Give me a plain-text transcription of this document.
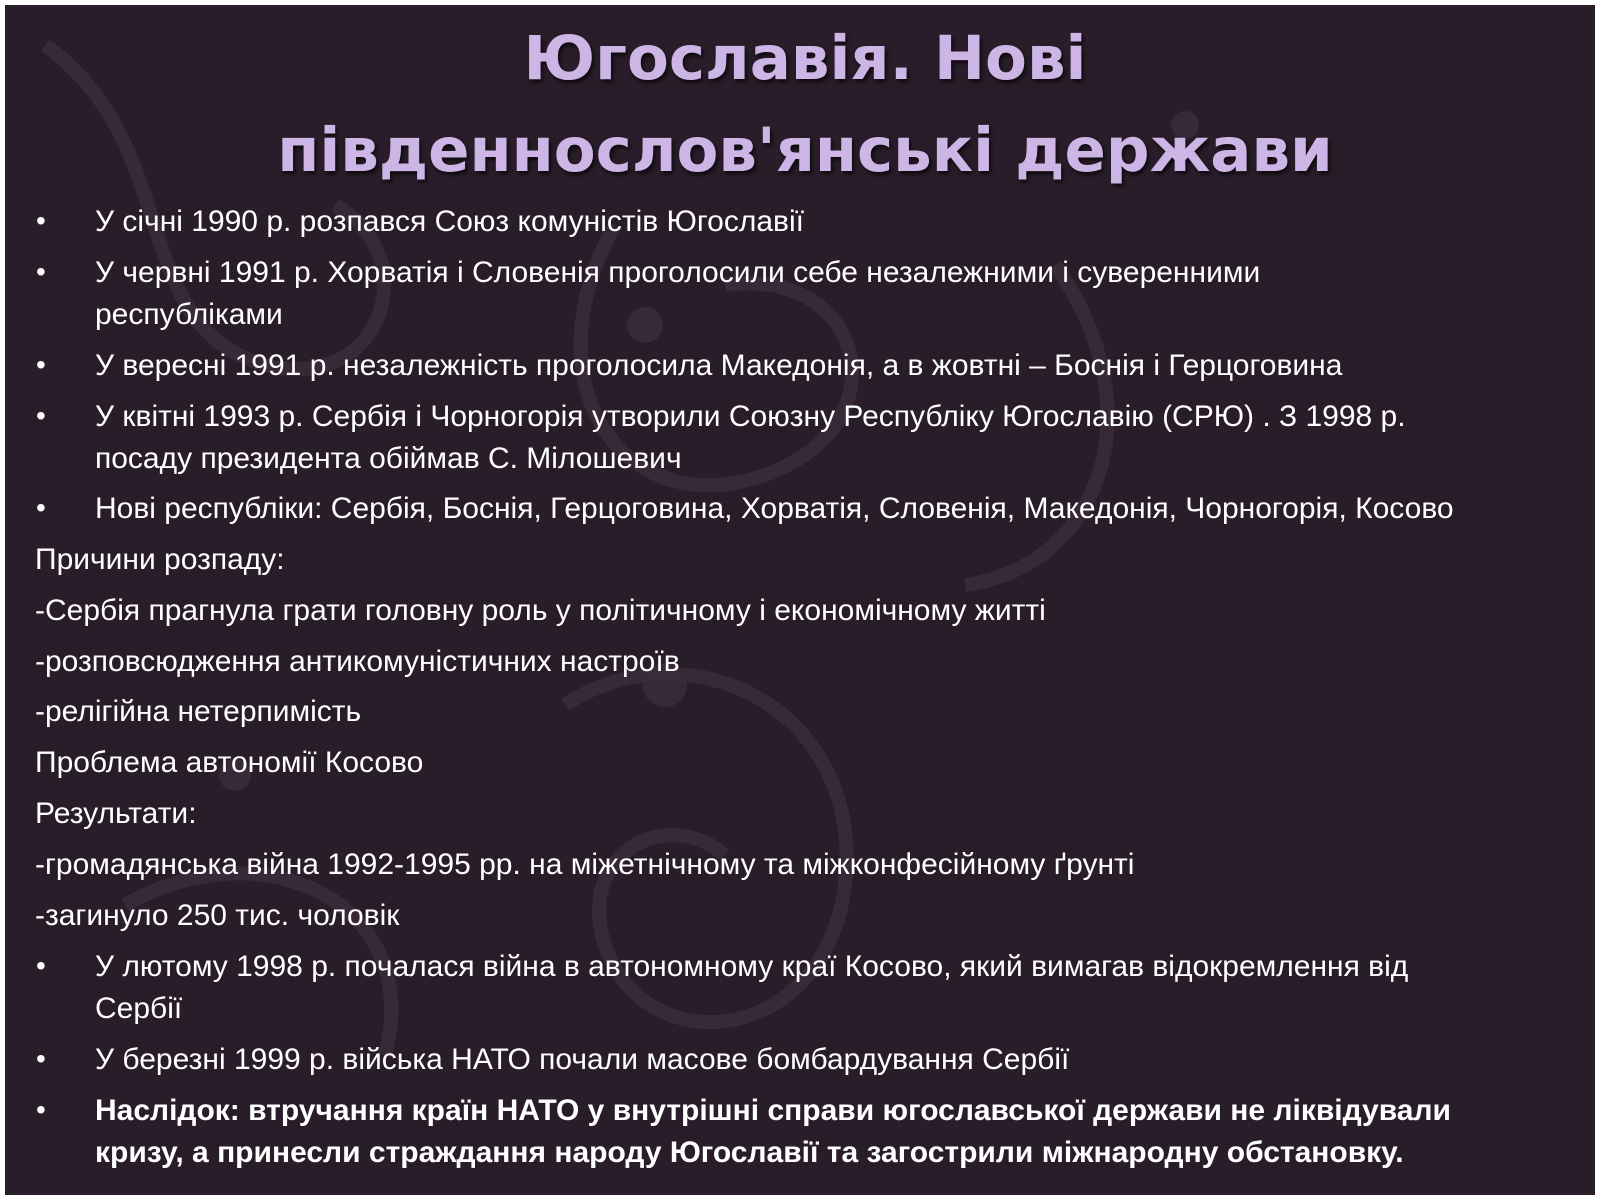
Югославія. Нові
південнослов'янські держави
• У січні 1990 р. розпався Союз комуністів Югославії
• У червні 1991 р. Хорватія і Словенія проголосили себе незалежними і суверенними
республіками
• У вересні 1991 р. незалежність проголосила Македонія, а в жовтні – Боснія і Герцоговина
• У квітні 1993 р. Сербія і Чорногорія утворили Союзну Республіку Югославію (СРЮ) . З 1998 р.
посаду президента обіймав С. Мілошевич
• Нові республіки: Сербія, Боснія, Герцоговина, Хорватія, Словенія, Македонія, Чорногорія, Косово
Причини розпаду:
-Сербія прагнула грати головну роль у політичному і економічному житті
-розповсюдження антикомуністичних настроїв
-релігійна нетерпимість
Проблема автономії Косово
Результати:
-громадянська війна 1992-1995 рр. на міжетнічному та міжконфесійному ґрунті
-загинуло 250 тис. чоловік
• У лютому 1998 р. почалася війна в автономному краї Косово, який вимагав відокремлення від
Сербії
• У березні 1999 р. війська НАТО почали масове бомбардування Сербії
• Наслідок: втручання країн НАТО у внутрішні справи югославської держави не ліквідували
кризу, а принесли страждання народу Югославії та загострили міжнародну обстановку.
